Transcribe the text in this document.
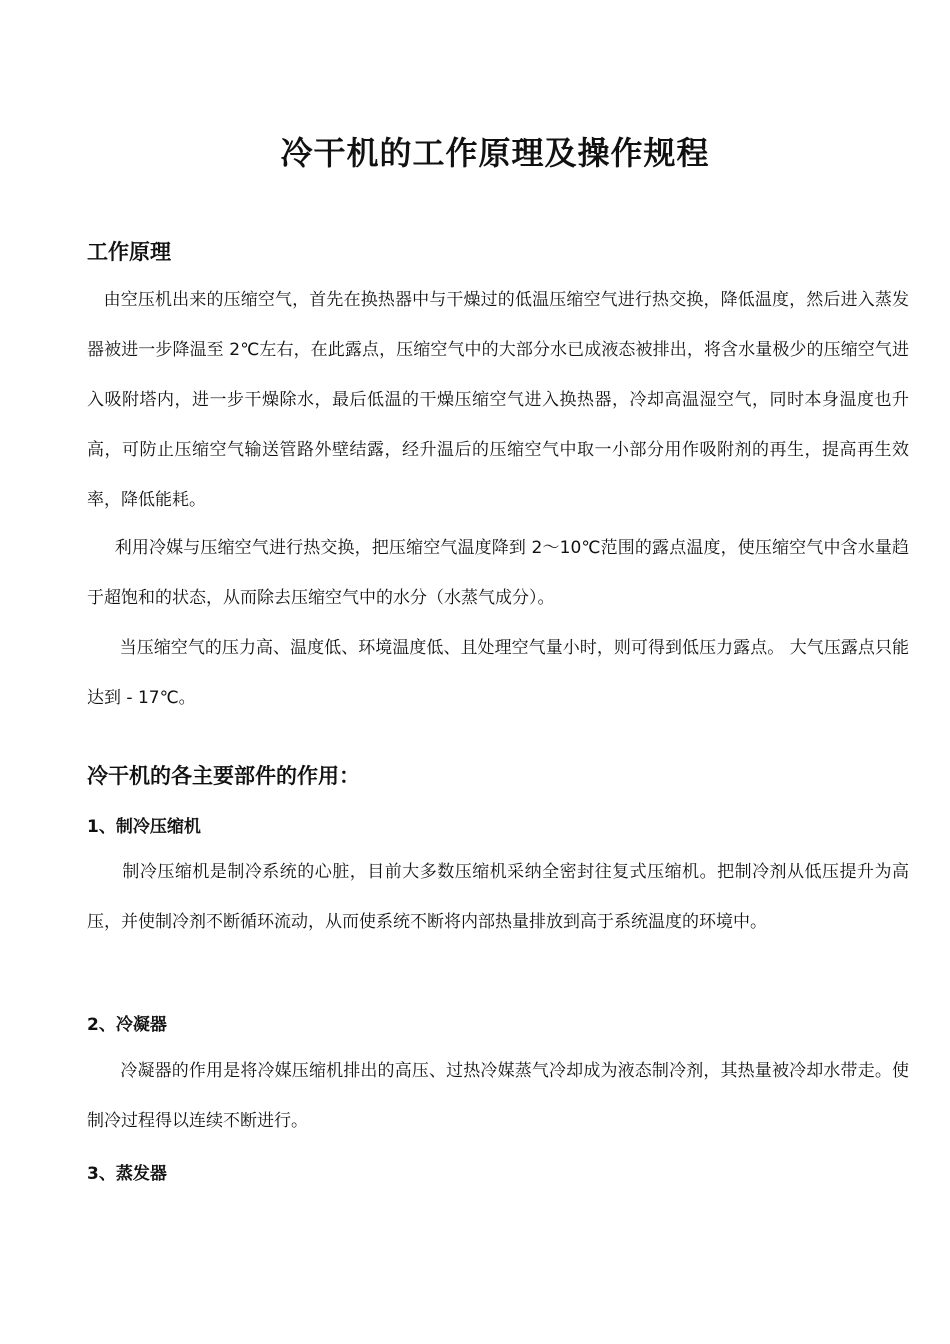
冷干机的工作原理及操作规程
工作原理

由空压机出来的压缩空气，首先在换热器中与干燥过的低温压缩空气进行热交换，降低温度，然后进入蒸发器被进一步降温至 2℃左右，在此露点，压缩空气中的大部分水已成液态被排出，将含水量极少的压缩空气进入吸附塔内，进一步干燥除水，最后低温的干燥压缩空气进入换热器，冷却高温湿空气，同时本身温度也升高，可防止压缩空气输送管路外壁结露，经升温后的压缩空气中取一小部分用作吸附剂的再生，提高再生效率，降低能耗。

利用冷媒与压缩空气进行热交换，把压缩空气温度降到 2～10℃范围的露点温度，使压缩空气中含水量趋于超饱和的状态，从而除去压缩空气中的水分（水蒸气成分）。

当压缩空气的压力高、温度低、环境温度低、且处理空气量小时，则可得到低压力露点。 大气压露点只能达到 - 17℃。

冷干机的各主要部件的作用：
1、制冷压缩机

制冷压缩机是制冷系统的心脏，目前大多数压缩机采纳全密封往复式压缩机。把制冷剂从低压提升为高压，并使制冷剂不断循环流动，从而使系统不断将内部热量排放到高于系统温度的环境中。

2、冷凝器

冷凝器的作用是将冷媒压缩机排出的高压、过热冷媒蒸气冷却成为液态制冷剂，其热量被冷却水带走。使制冷过程得以连续不断进行。

3、蒸发器
